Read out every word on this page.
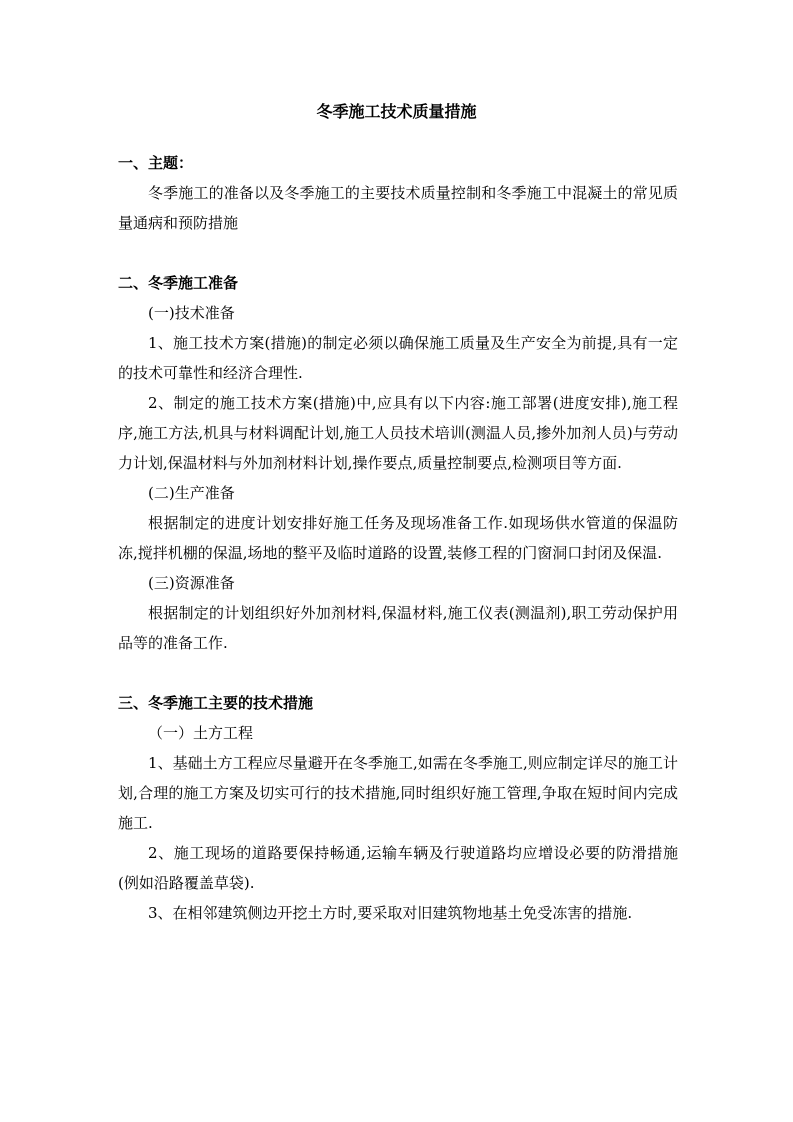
冬季施工技术质量措施
一、主题：

冬季施工的准备以及冬季施工的主要技术质量控制和冬季施工中混凝土的常见质量通病和预防措施

二、冬季施工准备
(一)技术准备

1、施工技术方案(措施)的制定必须以确保施工质量及生产安全为前提,具有一定的技术可靠性和经济合理性.

2、制定的施工技术方案(措施)中,应具有以下内容:施工部署(进度安排),施工程序,施工方法,机具与材料调配计划,施工人员技术培训(测温人员,掺外加剂人员)与劳动力计划,保温材料与外加剂材料计划,操作要点,质量控制要点,检测项目等方面.

(二)生产准备

根据制定的进度计划安排好施工任务及现场准备工作.如现场供水管道的保温防冻,搅拌机棚的保温,场地的整平及临时道路的设置,装修工程的门窗洞口封闭及保温.

(三)资源准备

根据制定的计划组织好外加剂材料,保温材料,施工仪表(测温剂),职工劳动保护用品等的准备工作.

三、冬季施工主要的技术措施
（一）土方工程

1、基础土方工程应尽量避开在冬季施工,如需在冬季施工,则应制定详尽的施工计划,合理的施工方案及切实可行的技术措施,同时组织好施工管理,争取在短时间内完成施工.

2、施工现场的道路要保持畅通,运输车辆及行驶道路均应增设必要的防滑措施(例如沿路覆盖草袋).

3、在相邻建筑侧边开挖土方时,要采取对旧建筑物地基土免受冻害的措施.
